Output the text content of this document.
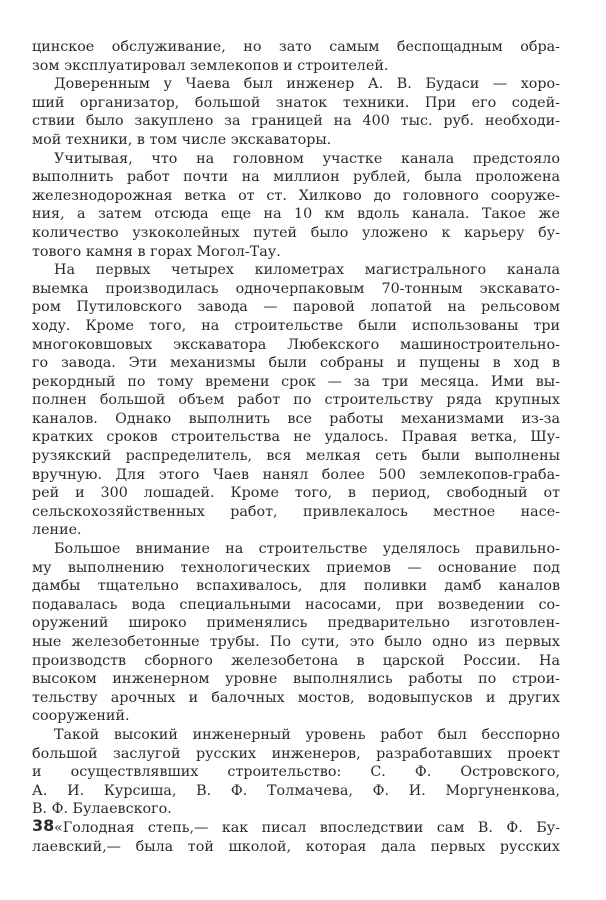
цинское обслуживание, но зато самым беспощадным обра-
зом эксплуатировал землекопов и строителей.
Доверенным у Чаева был инженер А. В. Будаси — хоро-
ший организатор, большой знаток техники. При его содей-
ствии было закуплено за границей на 400 тыс. руб. необходи-
мой техники, в том числе экскаваторы.
Учитывая, что на головном участке канала предстояло
выполнить работ почти на миллион рублей, была проложена
железнодорожная ветка от ст. Хилково до головного сооруже-
ния, а затем отсюда еще на 10 км вдоль канала. Такое же
количество узкоколейных путей было уложено к карьеру бу-
тового камня в горах Могол-Тау.
На первых четырех километрах магистрального канала
выемка производилась одночерпаковым 70-тонным экскавато-
ром Путиловского завода — паровой лопатой на рельсовом
ходу. Кроме того, на строительстве были использованы три
многоковшовых экскаватора Любекского машиностроительно-
го завода. Эти механизмы были собраны и пущены в ход в
рекордный по тому времени срок — за три месяца. Ими вы-
полнен большой объем работ по строительству ряда крупных
каналов. Однако выполнить все работы механизмами из-за
кратких сроков строительства не удалось. Правая ветка, Шу-
рузякский распределитель, вся мелкая сеть были выполнены
вручную. Для этого Чаев нанял более 500 землекопов-граба-
рей и 300 лошадей. Кроме того, в период, свободный от
сельскохозяйственных работ, привлекалось местное насе-
ление.
Большое внимание на строительстве уделялось правильно-
му выполнению технологических приемов — основание под
дамбы тщательно вспахивалось, для поливки дамб каналов
подавалась вода специальными насосами, при возведении со-
оружений широко применялись предварительно изготовлен-
ные железобетонные трубы. По сути, это было одно из первых
производств сборного железобетона в царской России. На
высоком инженерном уровне выполнялись работы по строи-
тельству арочных и балочных мостов, водовыпусков и других
сооружений.
Такой высокий инженерный уровень работ был бесспорно
большой заслугой русских инженеров, разработавших проект
и осуществлявших строительство: С. Ф. Островского,
А. И. Курсиша, В. Ф. Толмачева, Ф. И. Моргуненкова,
В. Ф. Булаевского.
«Голодная степь,— как писал впоследствии сам В. Ф. Бу-
лаевский,— была той школой, которая дала первых русских
38
